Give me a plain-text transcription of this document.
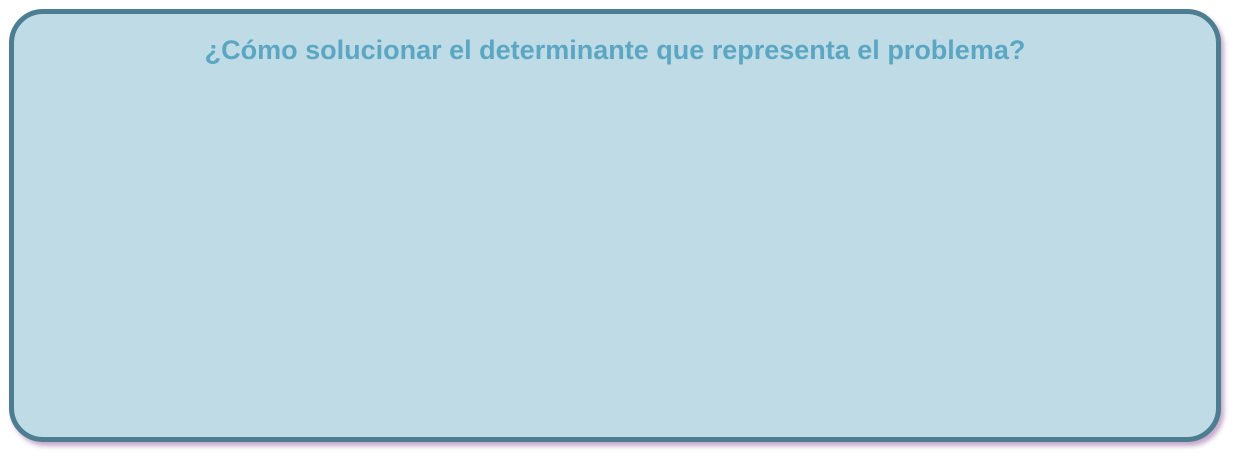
¿Cómo solucionar el determinante que representa el problema?
